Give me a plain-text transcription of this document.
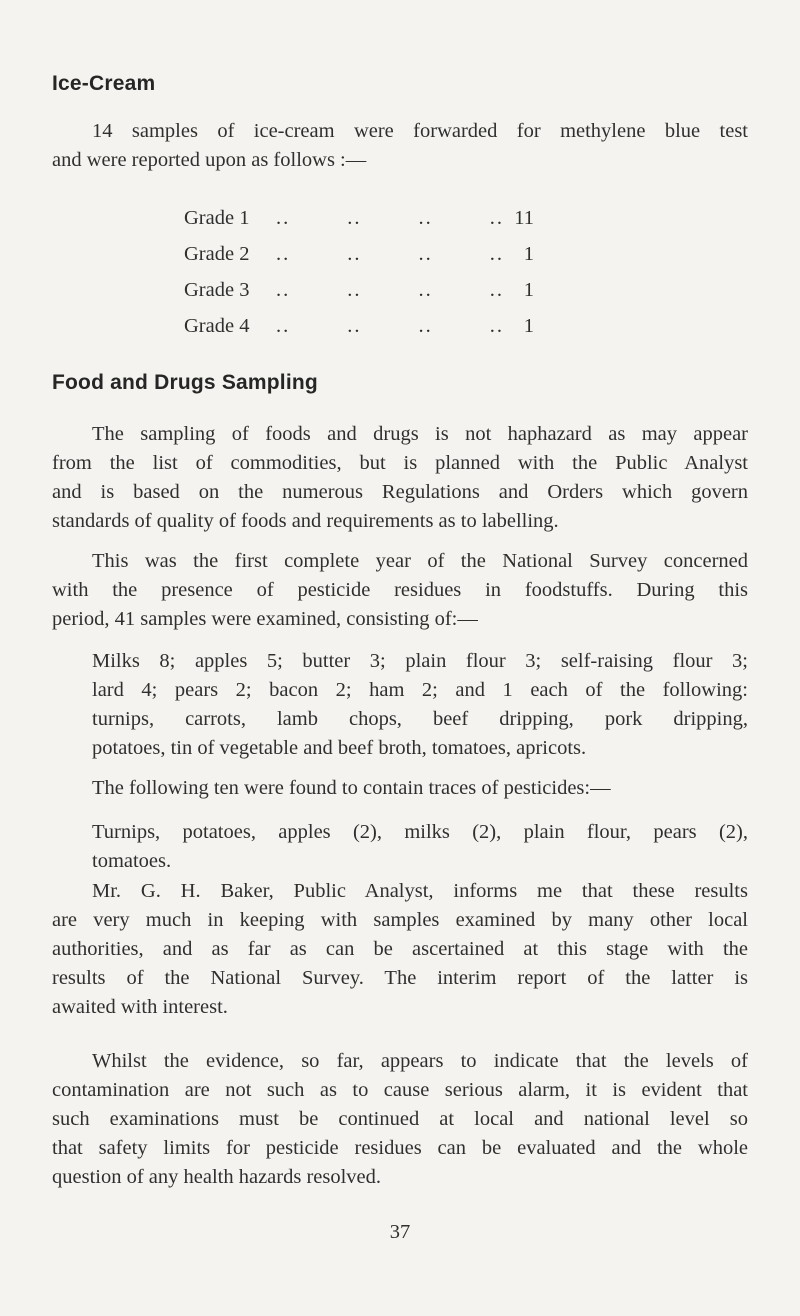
Ice-Cream

14 samples of ice-cream were forwarded for methylene blue test
and were reported upon as follows :—

Grade 1 ..        ..        ..        .. 11
Grade 2 ..        ..        ..        .. 1
Grade 3 ..        ..        ..        .. 1
Grade 4 ..        ..        ..        .. 1
Food and Drugs Sampling

The sampling of foods and drugs is not haphazard as may appear
from the list of commodities, but is planned with the Public Analyst
and is based on the numerous Regulations and Orders which govern
standards of quality of foods and requirements as to labelling.

This was the first complete year of the National Survey concerned
with the presence of pesticide residues in foodstuffs. During this
period, 41 samples were examined, consisting of:—

Milks 8; apples 5; butter 3; plain flour 3; self-raising flour 3;
lard 4; pears 2; bacon 2; ham 2; and 1 each of the following:
turnips, carrots, lamb chops, beef dripping, pork dripping,
potatoes, tin of vegetable and beef broth, tomatoes, apricots.

The following ten were found to contain traces of pesticides:—

Turnips, potatoes, apples (2), milks (2), plain flour, pears (2),
tomatoes.

Mr. G. H. Baker, Public Analyst, informs me that these results
are very much in keeping with samples examined by many other local
authorities, and as far as can be ascertained at this stage with the
results of the National Survey. The interim report of the latter is
awaited with interest.

Whilst the evidence, so far, appears to indicate that the levels of
contamination are not such as to cause serious alarm, it is evident that
such examinations must be continued at local and national level so
that safety limits for pesticide residues can be evaluated and the whole
question of any health hazards resolved.

37
